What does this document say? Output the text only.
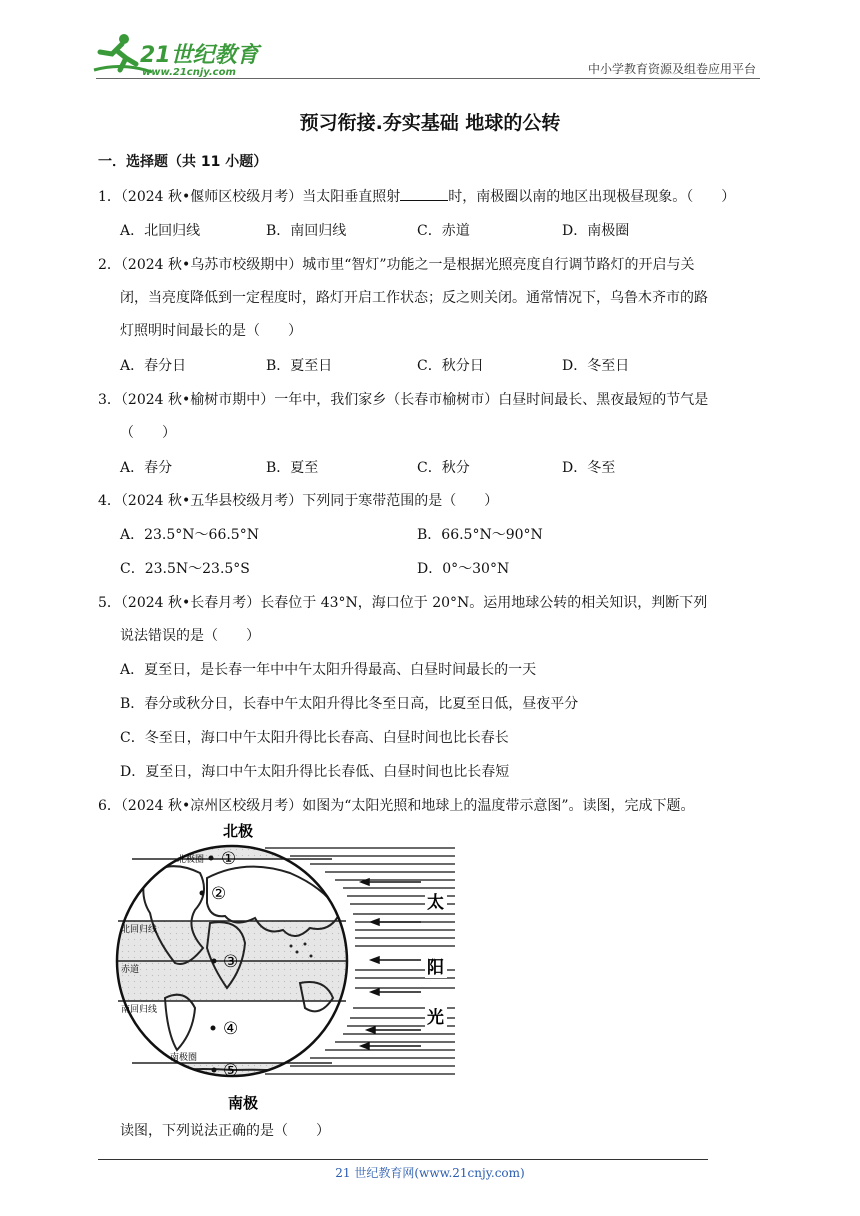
21世纪教育
www.21cnjy.com	中小学教育资源及组卷应用平台
预习衔接.夯实基础 地球的公转
一．选择题（共 11 小题）
1．（2024 秋•偃师区校级月考）当太阳垂直照射	时，南极圈以南的地区出现极昼现象。（　　）
A．北回归线	B．南回归线	C．赤道	D．南极圈
2．（2024 秋•乌苏市校级期中）城市里“智灯”功能之一是根据光照亮度自行调节路灯的开启与关
闭，当亮度降低到一定程度时，路灯开启工作状态；反之则关闭。通常情况下，乌鲁木齐市的路
灯照明时间最长的是（　　）
A．春分日	B．夏至日	C．秋分日	D．冬至日
3．（2024 秋•榆树市期中）一年中，我们家乡（长春市榆树市）白昼时间最长、黑夜最短的节气是
（　　）
A．春分	B．夏至	C．秋分	D．冬至
4．（2024 秋•五华县校级月考）下列同于寒带范围的是（　　）
A．23.5°N～66.5°N	B．66.5°N～90°N
C．23.5N～23.5°S	D．0°～30°N
5．（2024 秋•长春月考）长春位于 43°N，海口位于 20°N。运用地球公转的相关知识，判断下列
说法错误的是（　　）
A．夏至日，是长春一年中中午太阳升得最高、白昼时间最长的一天
B．春分或秋分日，长春中午太阳升得比冬至日高，比夏至日低，昼夜平分
C．冬至日，海口中午太阳升得比长春高、白昼时间也比长春长
D．夏至日，海口中午太阳升得比长春低、白昼时间也比长春短
6．（2024 秋•凉州区校级月考）如图为“太阳光照和地球上的温度带示意图”。读图，完成下题。
太
阳
光
北极
南极
北极圈
北回归线
赤道
南回归线
南极圈
①
②
③
④
⑤
读图，下列说法正确的是（　　）
21 世纪教育网(www.21cnjy.com)
